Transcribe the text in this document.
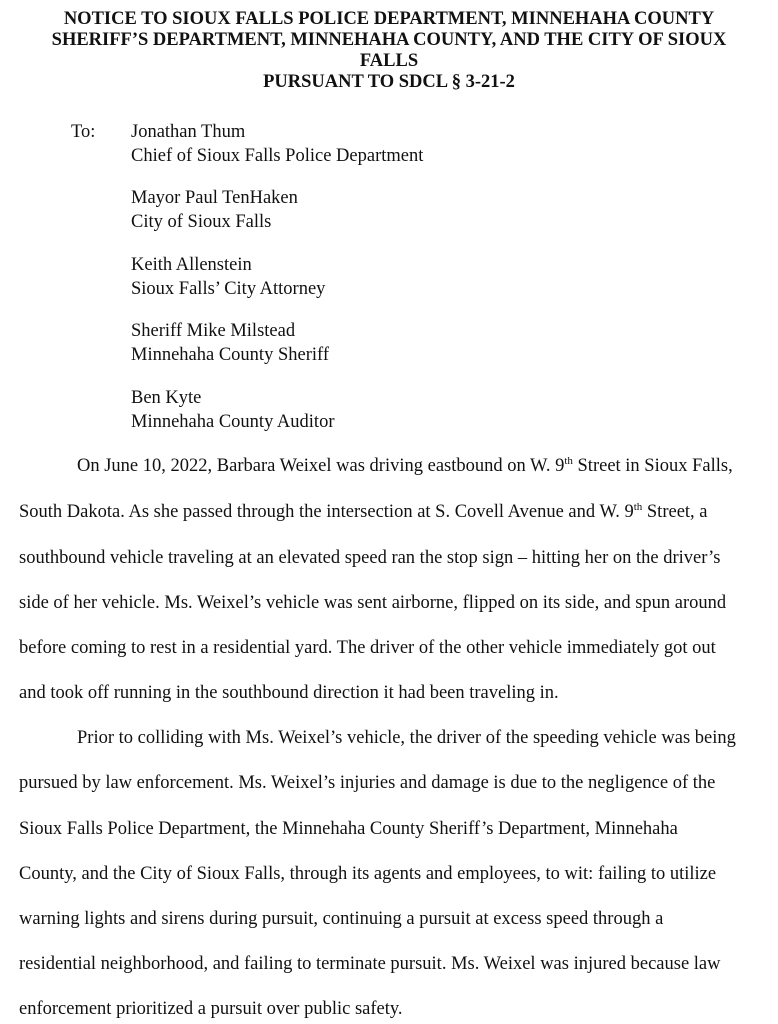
NOTICE TO SIOUX FALLS POLICE DEPARTMENT, MINNEHAHA COUNTY
SHERIFF’S DEPARTMENT, MINNEHAHA COUNTY, AND THE CITY OF SIOUX
FALLS
PURSUANT TO SDCL § 3-21-2
To: Jonathan Thum
Chief of Sioux Falls Police Department
Mayor Paul TenHaken
City of Sioux Falls
Keith Allenstein
Sioux Falls’ City Attorney
Sheriff Mike Milstead
Minnehaha County Sheriff
Ben Kyte
Minnehaha County Auditor
On June 10, 2022, Barbara Weixel was driving eastbound on W. 9th Street in Sioux Falls,
South Dakota. As she passed through the intersection at S. Covell Avenue and W. 9th Street, a
southbound vehicle traveling at an elevated speed ran the stop sign – hitting her on the driver’s
side of her vehicle. Ms. Weixel’s vehicle was sent airborne, flipped on its side, and spun around
before coming to rest in a residential yard. The driver of the other vehicle immediately got out
and took off running in the southbound direction it had been traveling in.
Prior to colliding with Ms. Weixel’s vehicle, the driver of the speeding vehicle was being
pursued by law enforcement. Ms. Weixel’s injuries and damage is due to the negligence of the
Sioux Falls Police Department, the Minnehaha County Sheriff’s Department, Minnehaha
County, and the City of Sioux Falls, through its agents and employees, to wit: failing to utilize
warning lights and sirens during pursuit, continuing a pursuit at excess speed through a
residential neighborhood, and failing to terminate pursuit. Ms. Weixel was injured because law
enforcement prioritized a pursuit over public safety.
